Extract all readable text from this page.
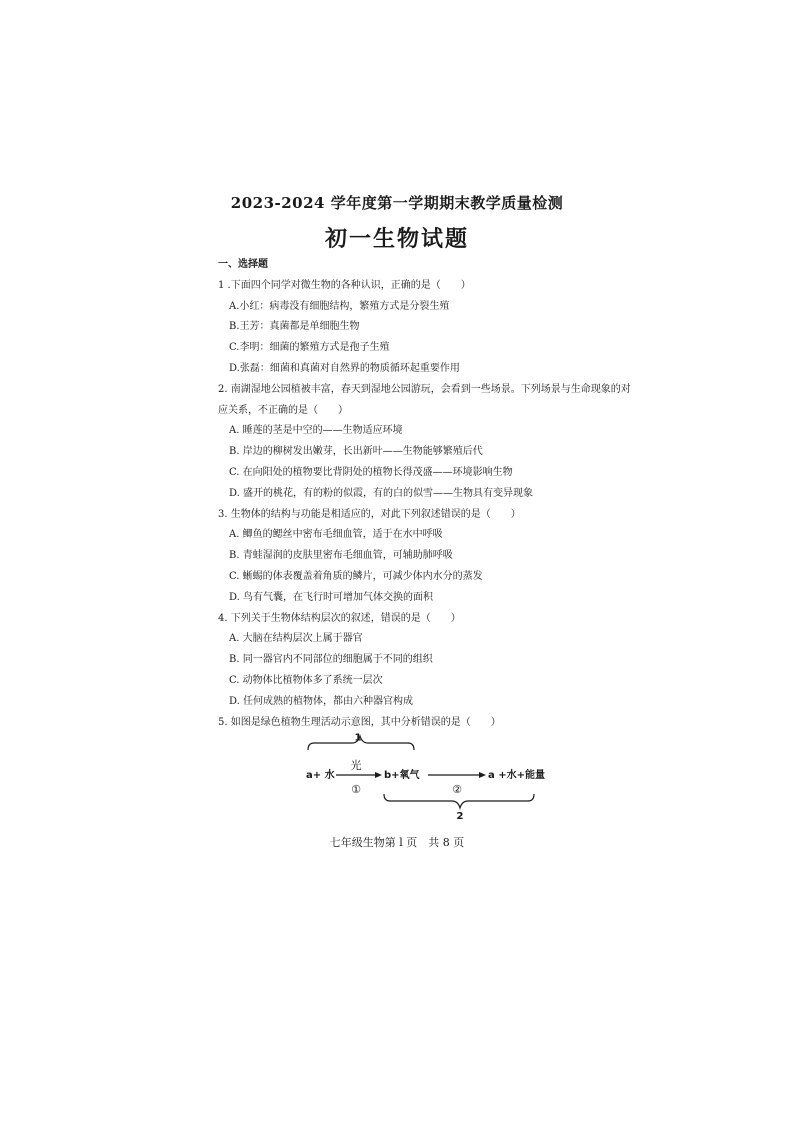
2023-2024 学年度第一学期期末教学质量检测
初一生物试题
一、选择题
1 .下面四个同学对微生物的各种认识，正确的是（　　）
A.小红：病毒没有细胞结构，繁殖方式是分裂生殖
B.王芳：真菌都是单细胞生物
C.李明：细菌的繁殖方式是孢子生殖
D.张磊：细菌和真菌对自然界的物质循环起重要作用
2. 南湖湿地公园植被丰富，春天到湿地公园游玩，会看到一些场景。下列场景与生命现象的对应关系，不正确的是（　　）
A. 睡莲的茎是中空的——生物适应环境
B. 岸边的柳树发出嫩芽，长出新叶——生物能够繁殖后代
C. 在向阳处的植物要比背阴处的植物长得茂盛——环境影响生物
D. 盛开的桃花，有的粉的似霞，有的白的似雪——生物具有变异现象
3. 生物体的结构与功能是相适应的，对此下列叙述错误的是（　　）
A. 鲫鱼的鳃丝中密布毛细血管，适于在水中呼吸
B. 青蛙湿润的皮肤里密布毛细血管，可辅助肺呼吸
C. 蜥蜴的体表覆盖着角质的鳞片，可减少体内水分的蒸发
D. 鸟有气囊，在飞行时可增加气体交换的面积
4. 下列关于生物体结构层次的叙述，错误的是（　　）
A. 大脑在结构层次上属于器官
B. 同一器官内不同部位的细胞属于不同的组织
C. 动物体比植物体多了系统一层次
D. 任何成熟的植物体，都由六种器官构成
5. 如图是绿色植物生理活动示意图，其中分析错误的是（　　）
1
a+ 水
光
①
b+氧气
②
a +水+能量
2
七年级生物第 l 页　共 8 页
